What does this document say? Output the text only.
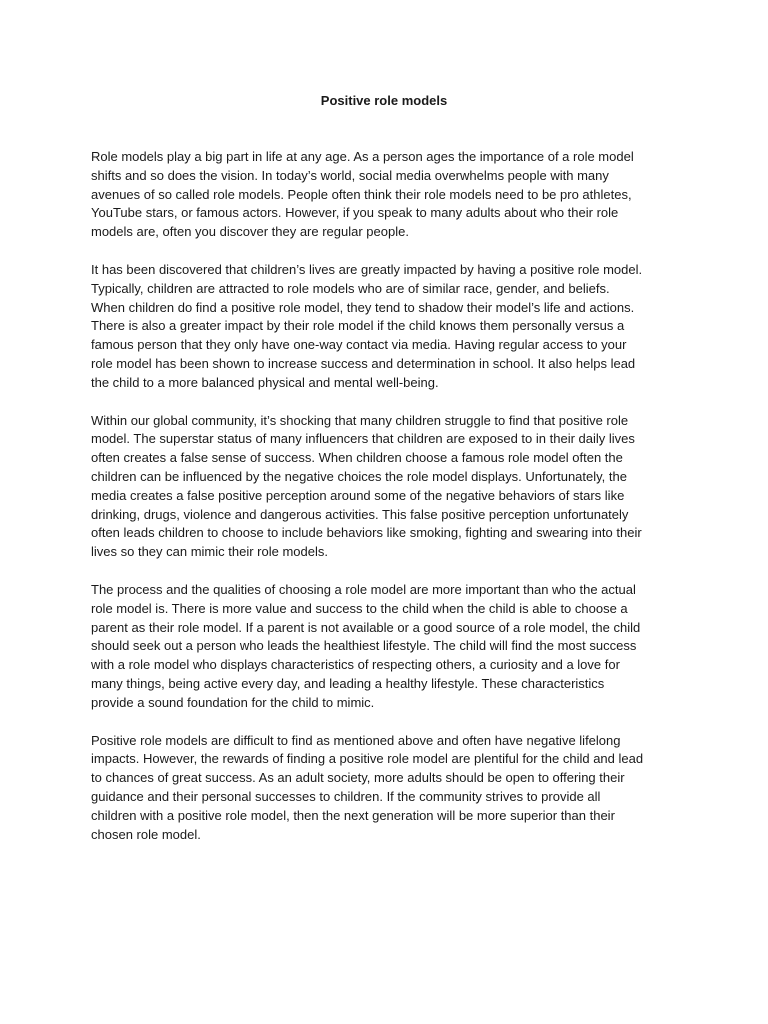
Positive role models

Role models play a big part in life at any age. As a person ages the importance of a role model
shifts and so does the vision. In today’s world, social media overwhelms people with many
avenues of so called role models. People often think their role models need to be pro athletes,
YouTube stars, or famous actors. However, if you speak to many adults about who their role
models are, often you discover they are regular people.

It has been discovered that children’s lives are greatly impacted by having a positive role model.
Typically, children are attracted to role models who are of similar race, gender, and beliefs.
When children do find a positive role model, they tend to shadow their model’s life and actions.
There is also a greater impact by their role model if the child knows them personally versus a
famous person that they only have one-way contact via media. Having regular access to your
role model has been shown to increase success and determination in school. It also helps lead
the child to a more balanced physical and mental well-being.

Within our global community, it’s shocking that many children struggle to find that positive role
model. The superstar status of many influencers that children are exposed to in their daily lives
often creates a false sense of success. When children choose a famous role model often the
children can be influenced by the negative choices the role model displays. Unfortunately, the
media creates a false positive perception around some of the negative behaviors of stars like
drinking, drugs, violence and dangerous activities. This false positive perception unfortunately
often leads children to choose to include behaviors like smoking, fighting and swearing into their
lives so they can mimic their role models.

The process and the qualities of choosing a role model are more important than who the actual
role model is. There is more value and success to the child when the child is able to choose a
parent as their role model. If a parent is not available or a good source of a role model, the child
should seek out a person who leads the healthiest lifestyle. The child will find the most success
with a role model who displays characteristics of respecting others, a curiosity and a love for
many things, being active every day, and leading a healthy lifestyle. These characteristics
provide a sound foundation for the child to mimic.

Positive role models are difficult to find as mentioned above and often have negative lifelong
impacts. However, the rewards of finding a positive role model are plentiful for the child and lead
to chances of great success. As an adult society, more adults should be open to offering their
guidance and their personal successes to children. If the community strives to provide all
children with a positive role model, then the next generation will be more superior than their
chosen role model.
